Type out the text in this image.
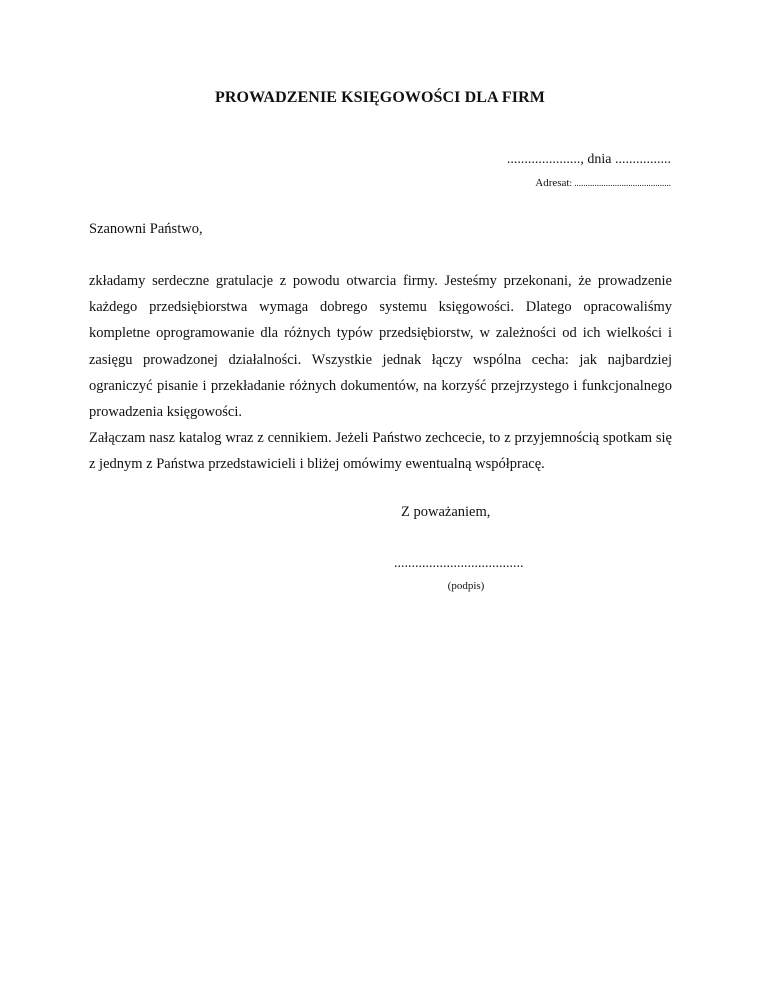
PROWADZENIE KSIĘGOWOŚCI DLA FIRM
....................., dnia ................
Adresat: ...........................................
Szanowni Państwo,

zkładamy serdeczne gratulacje z powodu otwarcia firmy. Jesteśmy przekonani, że prowadzenie każdego przedsiębiorstwa wymaga dobrego systemu księgowości. Dlatego opracowaliśmy kompletne oprogramowanie dla różnych typów przedsiębiorstw, w zależności od ich wielkości i zasięgu prowadzonej działalności. Wszystkie jednak łączy wspólna cecha: jak najbardziej ograniczyć pisanie i przekładanie różnych dokumentów, na korzyść przejrzystego i funkcjonalnego prowadzenia księgowości.

Załączam nasz katalog wraz z cennikiem. Jeżeli Państwo zechcecie, to z przyjemnością spotkam się z jednym z Państwa przedstawicieli i bliżej omówimy ewentualną współpracę.

Z poważaniem,
.....................................
(podpis)
